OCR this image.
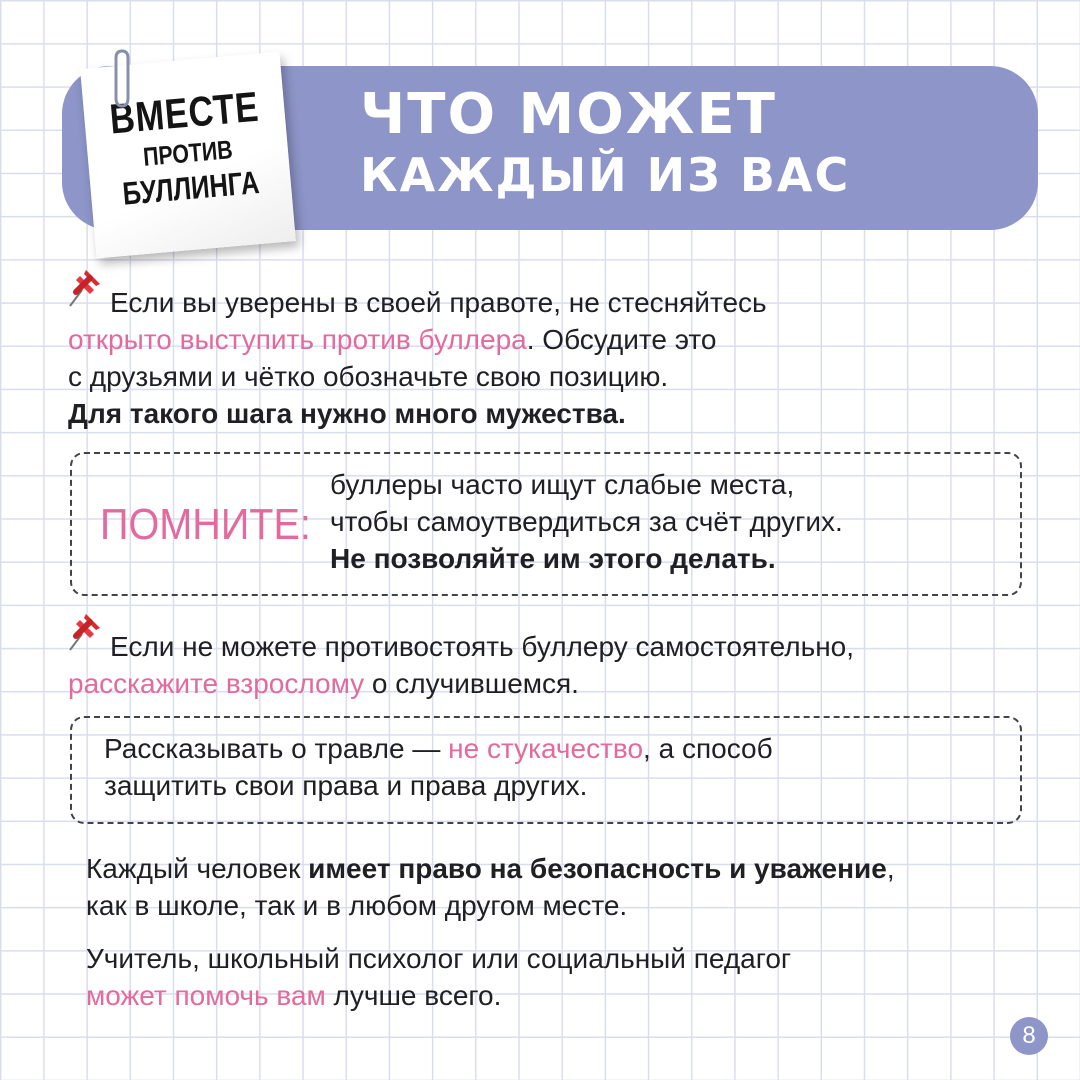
ЧТО МОЖЕТ
КАЖДЫЙ ИЗ ВАС
ВМЕСТЕ
ПРОТИВ
БУЛЛИНГА

Если вы уверены в своей правоте, не стесняйтесь
открыто выступить против буллера. Обсудите это
с друзьями и чётко обозначьте свою позицию.
Для такого шага нужно много мужества.

ПОМНИТЕ:

буллеры часто ищут слабые места,
чтобы самоутвердиться за счёт других.
Не позволяйте им этого делать.

Если не можете противостоять буллеру самостоятельно,
расскажите взрослому о случившемся.

Рассказывать о травле — не стукачество, а способ
защитить свои права и права других.

Каждый человек имеет право на безопасность и уважение,
как в школе, так и в любом другом месте.

Учитель, школьный психолог или социальный педагог
может помочь вам лучше всего.

8
